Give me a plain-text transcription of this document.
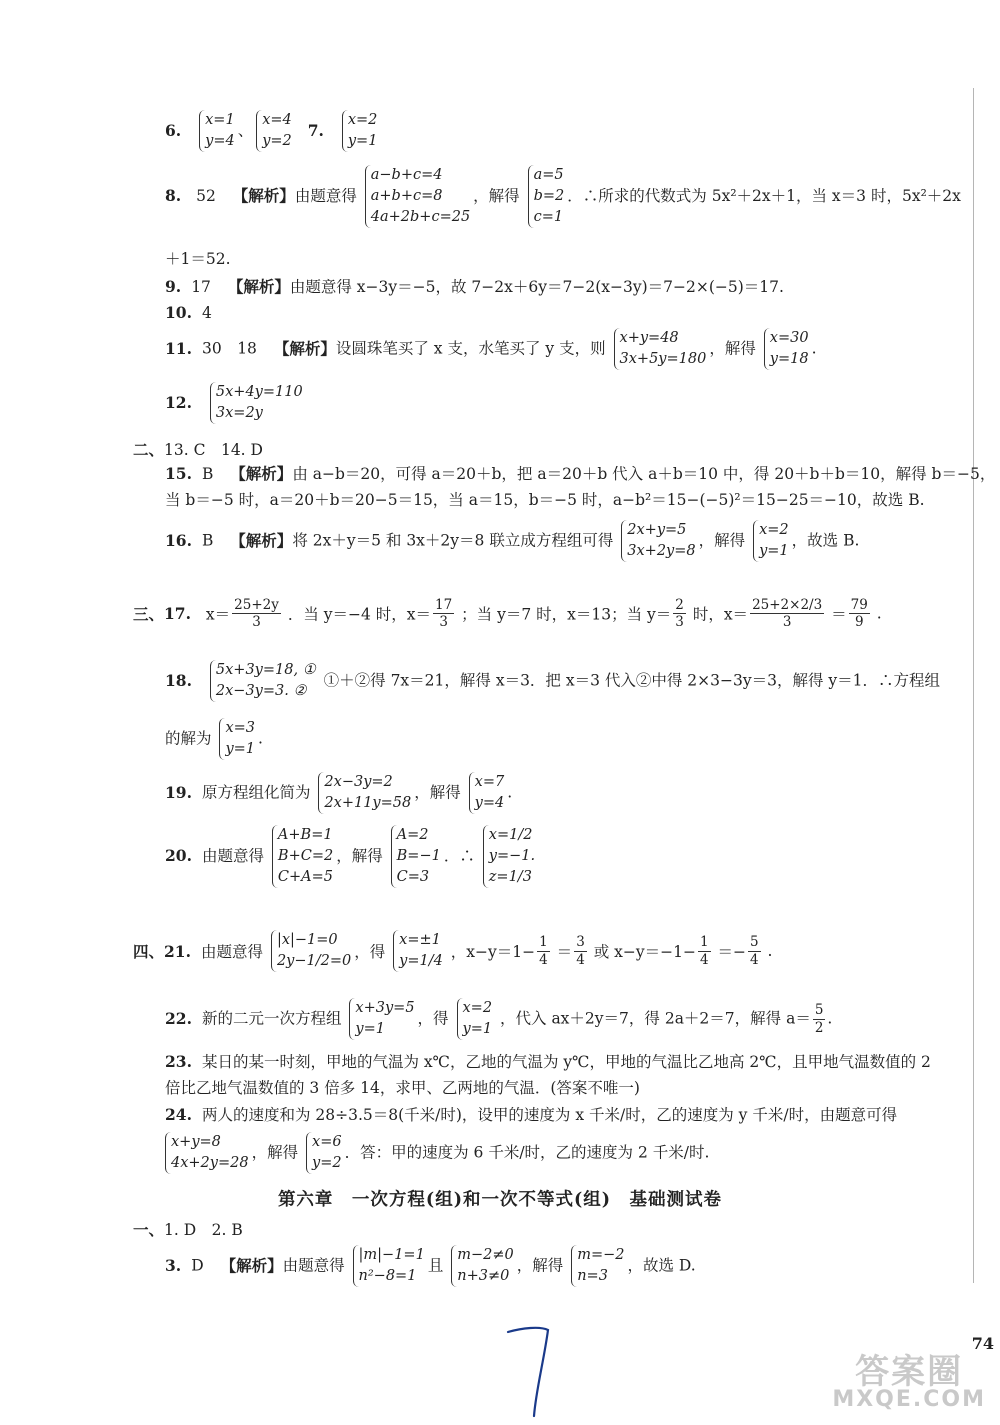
6.
x=1
y=4
、
x=4
y=2
7.
x=2
y=1
8. 52 【解析】由题意得
a−b+c=4
a+b+c=8
4a+2b+c=25
，解得
a=5
b=2
c=1
．∴所求的代数式为 5x²＋2x＋1，当 x＝3 时，5x²＋2x
＋1＝52.
9. 17 【解析】由题意得 x−3y＝−5，故 7−2x＋6y＝7−2(x−3y)＝7−2×(−5)＝17.
10. 4
11. 30　18 【解析】设圆珠笔买了 x 支，水笔买了 y 支，则
x+y=48
3x+5y=180
，解得
x=30
y=18
.
12.
5x+4y=110
3x=2y
二、13. C　14. D
15. B 【解析】由 a−b＝20，可得 a＝20＋b，把 a＝20＋b 代入 a＋b＝10 中，得 20＋b＋b＝10，解得 b＝−5，
当 b＝−5 时，a＝20＋b＝20−5＝15，当 a＝15，b＝−5 时，a−b²＝15−(−5)²＝15−25＝−10，故选 B.
16. B 【解析】将 2x＋y＝5 和 3x＋2y＝8 联立成方程组可得
2x+y=5
3x+2y=8
，解得
x=2
y=1
，故选 B.
三、17. $x= \frac{25+2y}{3}$ ．当 y＝−4 时，$x= \frac{17}{3}$ ；当 y＝7 时，x＝13；当 $y= \frac{2}{3}$ 时，$x= \frac{25+2\times 2/3}{3} = \frac{79}{9}$ .
18.
5x+3y=18, ①
2x−3y=3. ②
①＋②得 7x＝21，解得 x＝3．把 x＝3 代入②中得 2×3−3y＝3，解得 y＝1．∴方程组
的解为
x=3
y=1
.
19. 原方程组化简为
2x−3y=2
2x+11y=58
，解得
x=7
y=4
.
20. 由题意得
A+B=1
B+C=2
C+A=5
，解得
A=2
B=−1
C=3
．∴
x=1/2
y=−1.
z=1/3
四、21. 由题意得
|x|−1=0
2y−1/2=0 ，得
x=±1
y=1/4 ，$x-y=1- \frac{1}{4} = \frac{3}{4}$ 或 $x-y=-1- \frac{1}{4} =- \frac{5}{4}$ .
22. 新的二元一次方程组
x+3y=5
y=1
，得
x=2
y=1
，代入 ax＋2y＝7，得 2a＋2＝7，解得 $a= \frac{5}{2}$ .
23. 某日的某一时刻，甲地的气温为 x℃，乙地的气温为 y℃，甲地的气温比乙地高 2℃，且甲地气温数值的 2
倍比乙地气温数值的 3 倍多 14，求甲、乙两地的气温．(答案不唯一)
24. 两人的速度和为 28÷3.5＝8(千米/时)，设甲的速度为 x 千米/时，乙的速度为 y 千米/时，由题意可得
x+y=8
4x+2y=28
，解得
x=6
y=2
．答：甲的速度为 6 千米/时，乙的速度为 2 千米/时.
第六章　一次方程(组)和一次不等式(组)　基础测试卷
一、1. D　2. B
3. D 【解析】由题意得
|m|−1=1
n²−8=1
且
m−2≠0
n+3≠0
，解得
m=−2
n=3
，故选 D.
74
答案圈
MXQE.COM
